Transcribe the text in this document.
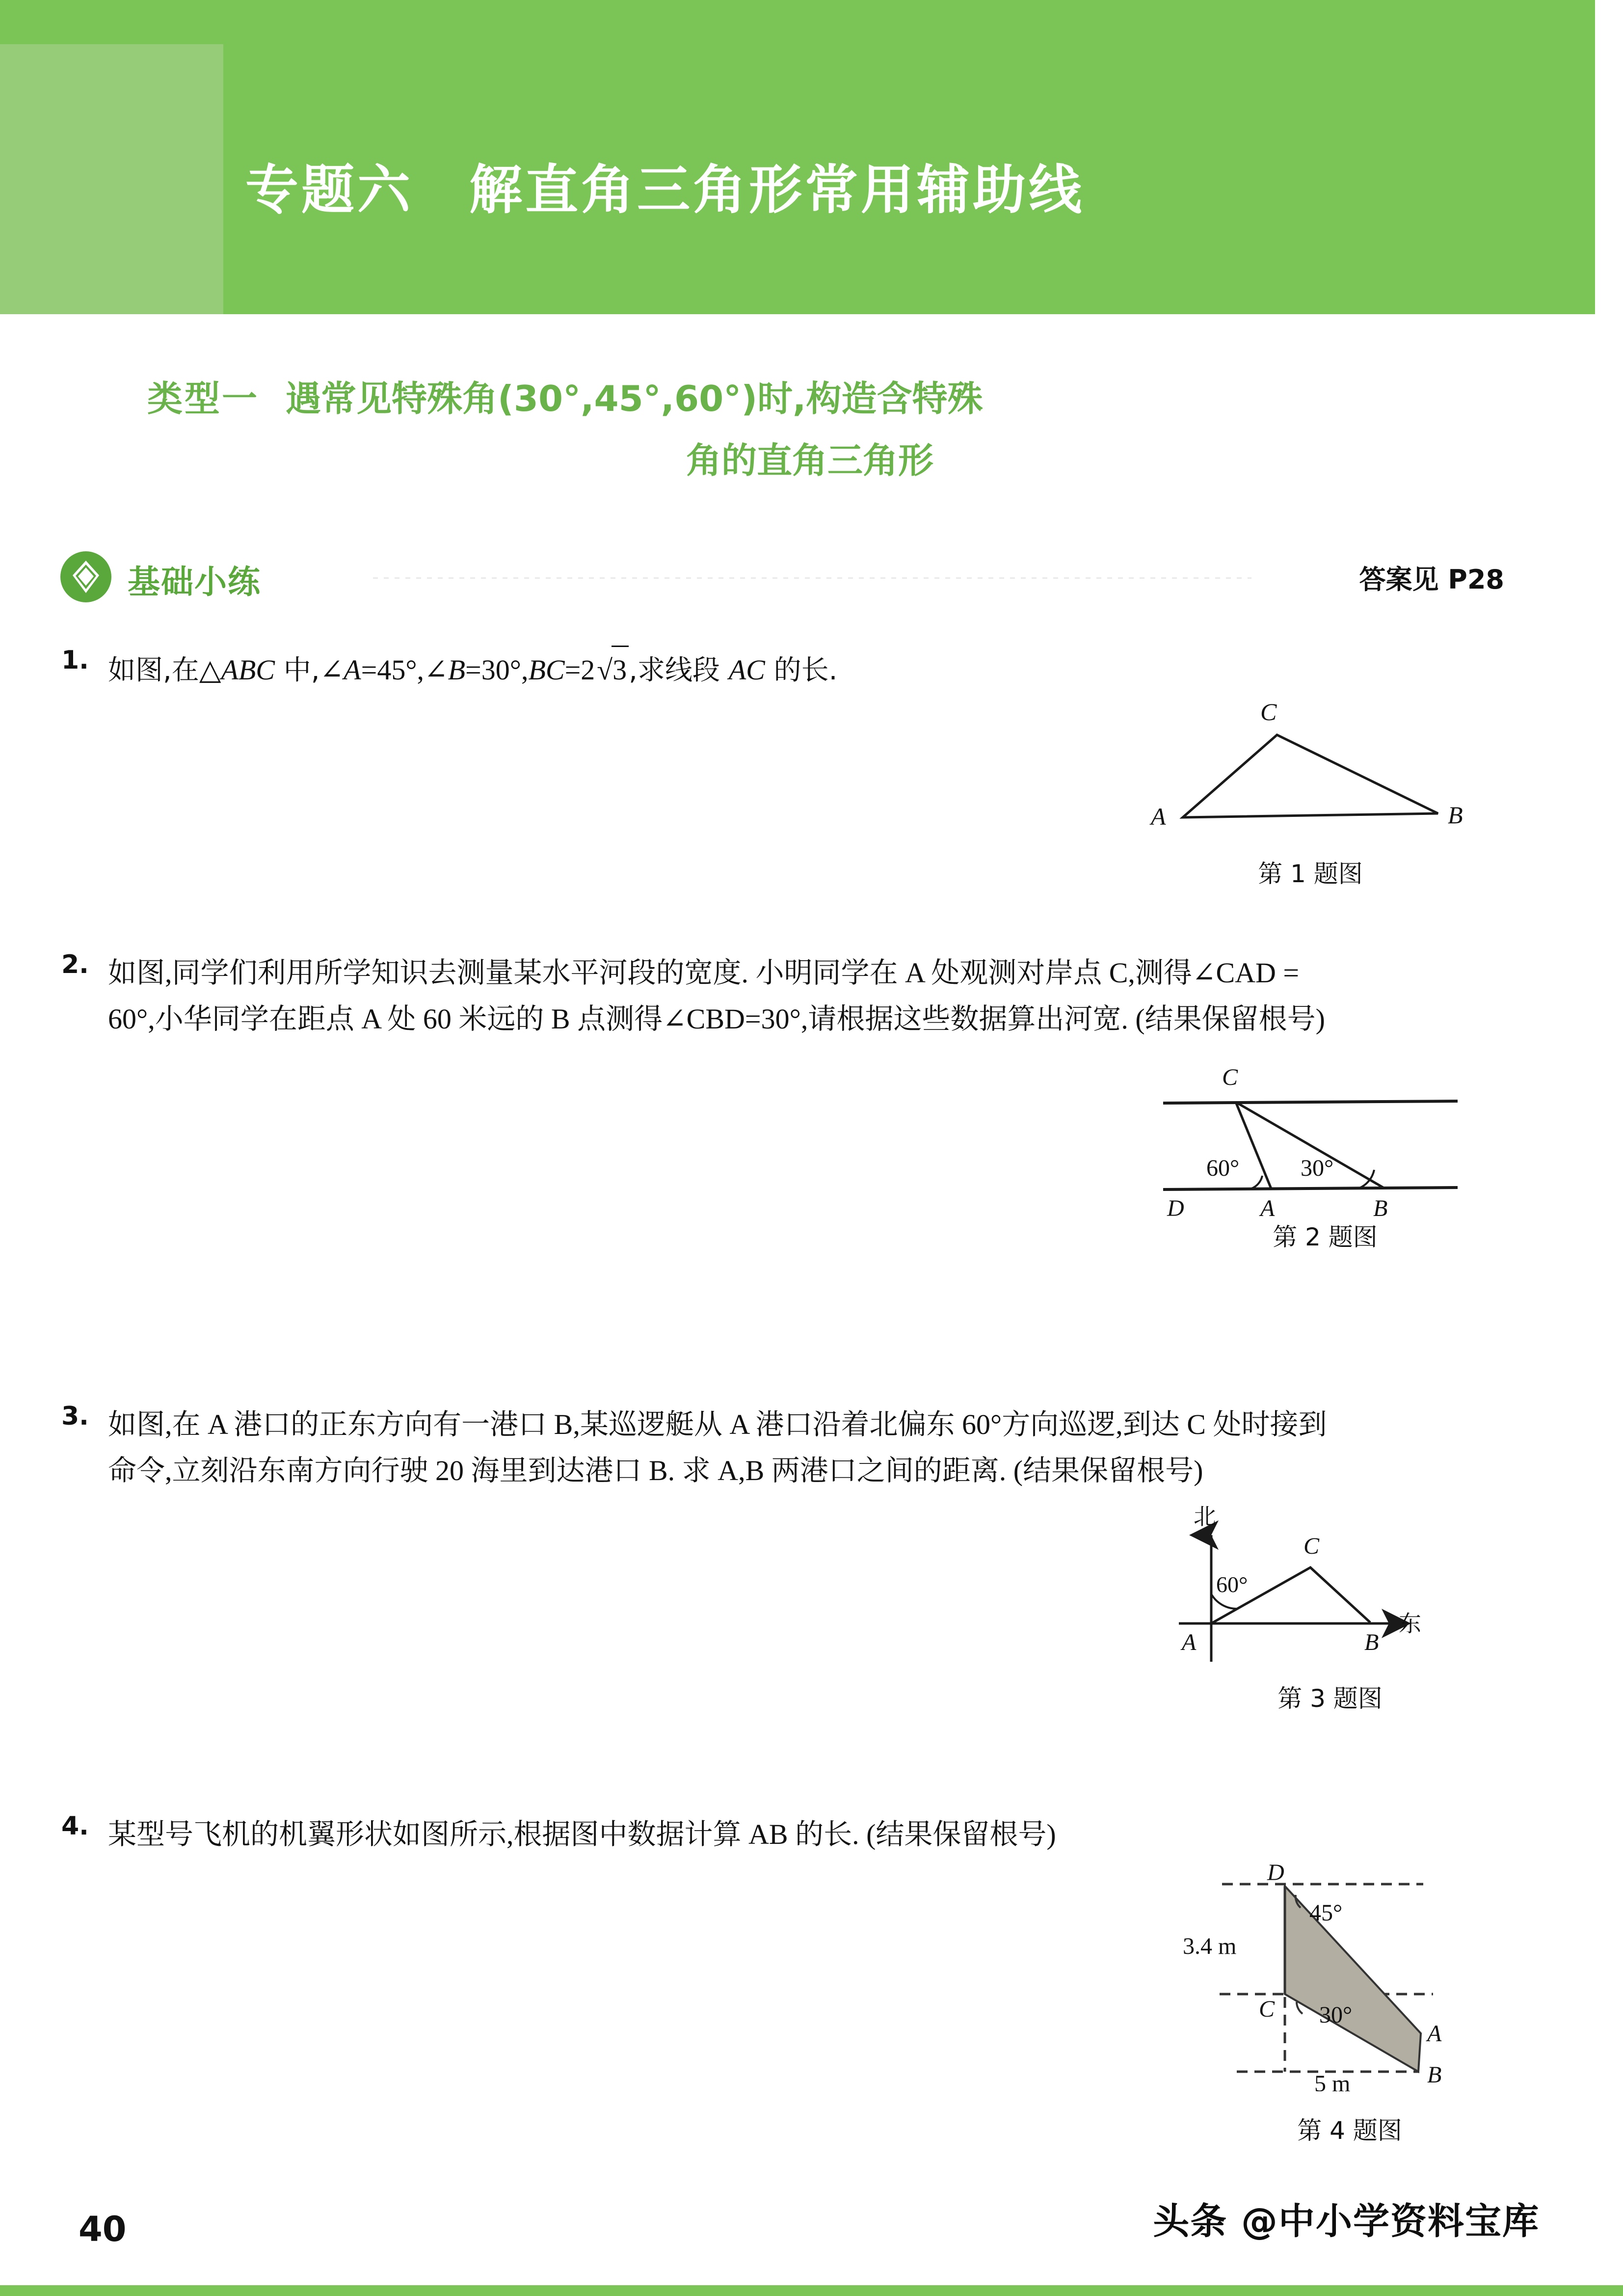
专题六　解直角三角形常用辅助线
类型一 遇常见特殊角(30°,45°,60°)时,构造含特殊
角的直角三角形
基础小练	答案见 P28
1. 如图,在△ABC 中,∠A=45°,∠B=30°,BC=2√3,求线段 AC 的长.
C
A	B
第 1 题图
2. 如图,同学们利用所学知识去测量某水平河段的宽度. 小明同学在 A 处观测对岸点 C,测得∠CAD =
60°,小华同学在距点 A 处 60 米远的 B 点测得∠CBD=30°,请根据这些数据算出河宽. (结果保留根号)
C
D	A	B
60°	30°
第 2 题图
3. 如图,在 A 港口的正东方向有一港口 B,某巡逻艇从 A 港口沿着北偏东 60°方向巡逻,到达 C 处时接到
命令,立刻沿东南方向行驶 20 海里到达港口 B. 求 A,B 两港口之间的距离. (结果保留根号)
北
东
C
A	B
60°
第 3 题图
4. 某型号飞机的机翼形状如图所示,根据图中数据计算 AB 的长. (结果保留根号)
D
C
A
B
45°
30°
3.4 m
5 m
第 4 题图
40	头条 @中小学资料宝库
